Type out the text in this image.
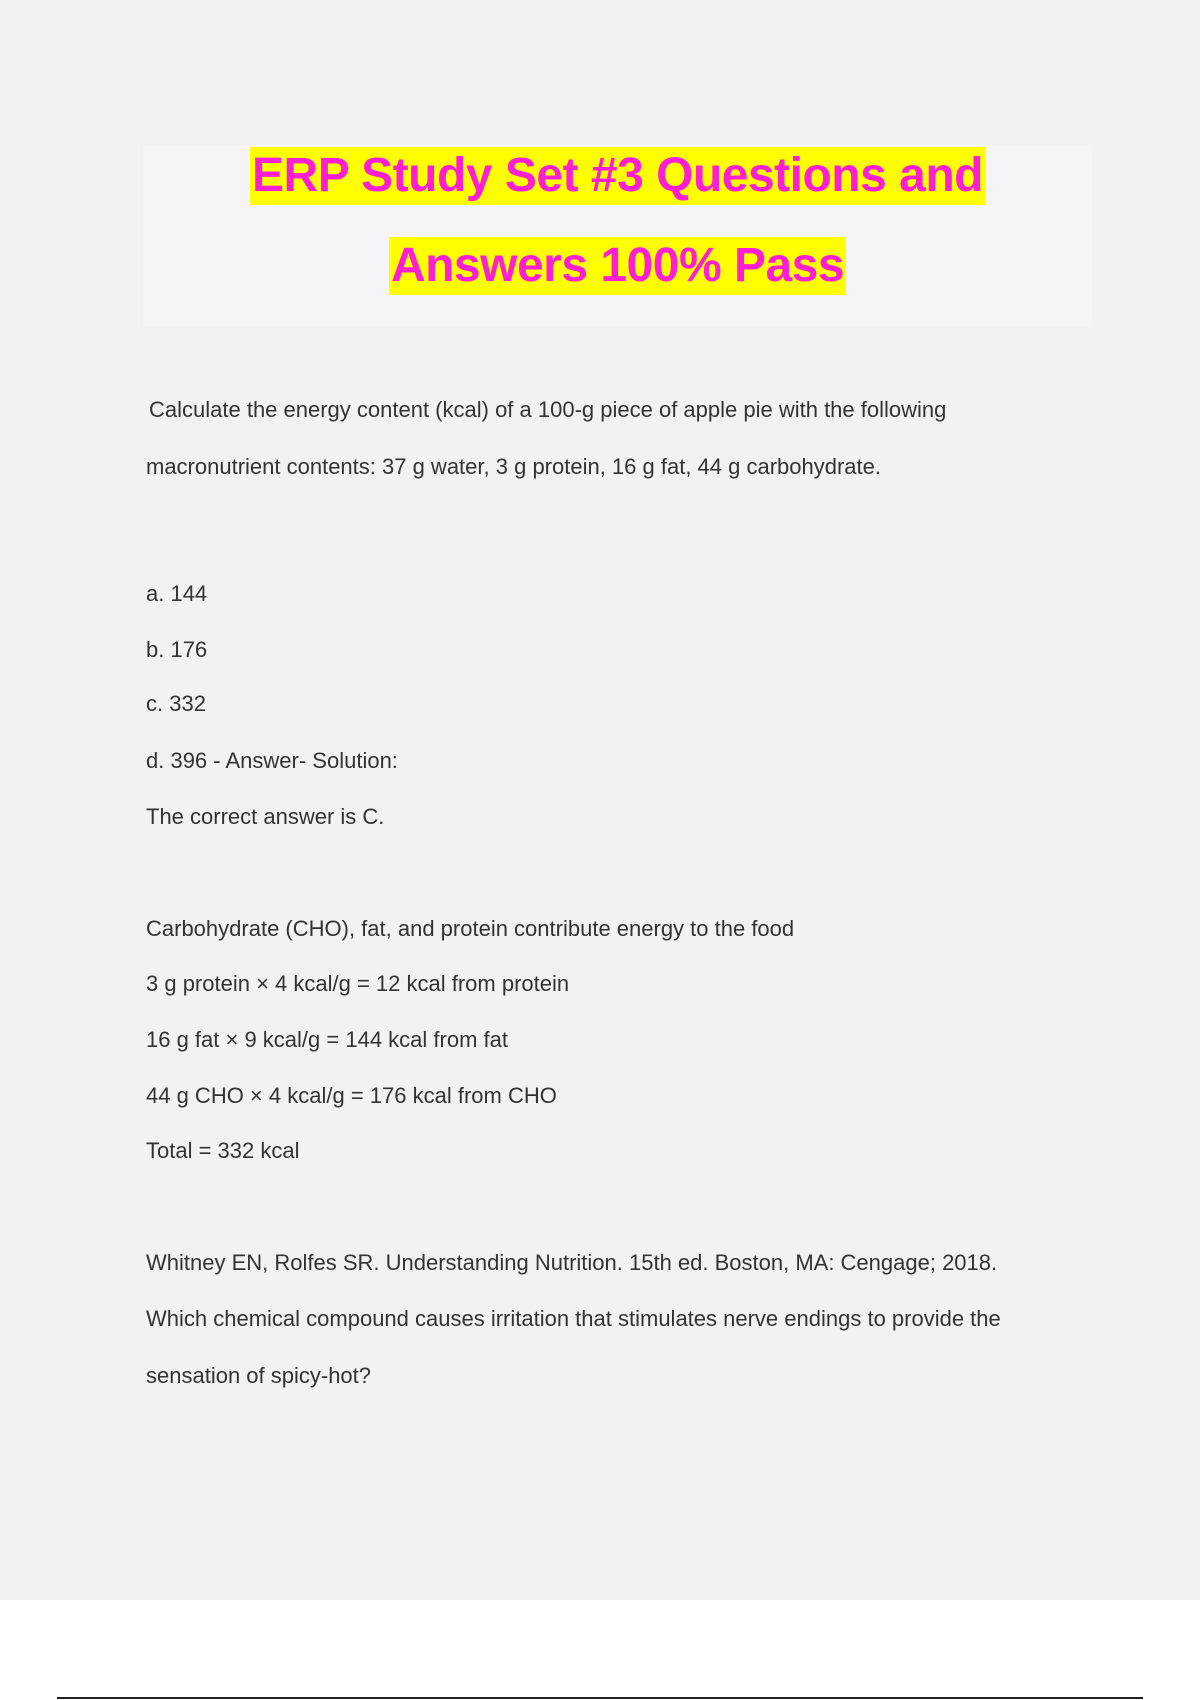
ERP Study Set #3 Questions and
Answers 100% Pass
Calculate the energy content (kcal) of a 100-g piece of apple pie with the following
macronutrient contents: 37 g water, 3 g protein, 16 g fat, 44 g carbohydrate.
a. 144
b. 176
c. 332
d. 396 - Answer- Solution:
The correct answer is C.
Carbohydrate (CHO), fat, and protein contribute energy to the food
3 g protein × 4 kcal/g = 12 kcal from protein
16 g fat × 9 kcal/g = 144 kcal from fat
44 g CHO × 4 kcal/g = 176 kcal from CHO
Total = 332 kcal
Whitney EN, Rolfes SR. Understanding Nutrition. 15th ed. Boston, MA: Cengage; 2018.
Which chemical compound causes irritation that stimulates nerve endings to provide the
sensation of spicy-hot?
